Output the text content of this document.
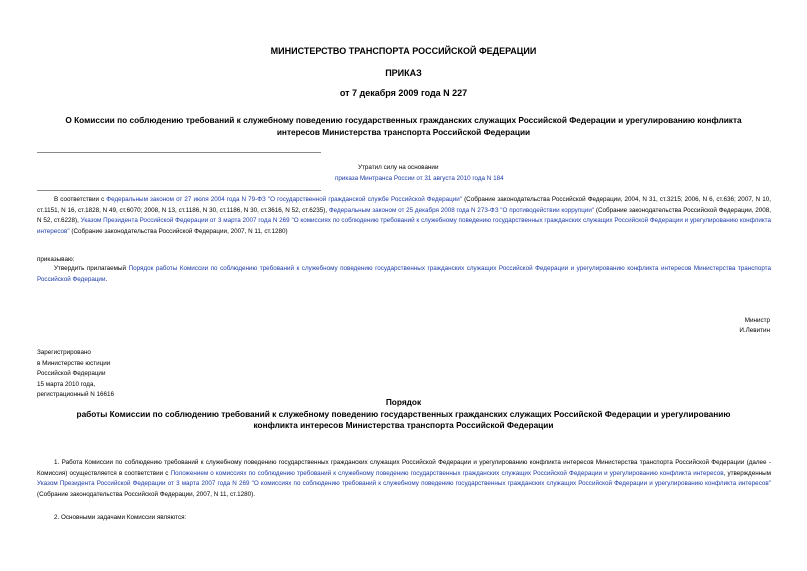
МИНИСТЕРСТВО ТРАНСПОРТА РОССИЙСКОЙ ФЕДЕРАЦИИ
ПРИКАЗ
от 7 декабря 2009 года N 227
О Комиссии по соблюдению требований к служебному поведению государственных гражданских служащих Российской Федерации и урегулированию конфликта
интересов Министерства транспорта Российской Федерации
Утратил силу на основании
приказа Минтранса России от 31 августа 2010 года N 184
В соответствии с Федеральным законом от 27 июля 2004 года N 79-ФЗ "О государственной гражданской службе Российской Федерации" (Собрание законодательства Российской Федерации, 2004, N 31, ст.3215; 2006, N 6, ст.636; 2007, N 10, ст.1151, N 16, ст.1828, N 49, ст.6070; 2008, N 13, ст.1186, N 30, ст.1186, N 30, ст.3616, N 52, ст.6235), Федеральным законом от 25 декабря 2008 года N 273-ФЗ "О противодействии коррупции" (Собрание законодательства Российской Федерации, 2008, N 52, ст.6228), Указом Президента Российской Федерации от 3 марта 2007 года N 269 "О комиссиях по соблюдению требований к служебному поведению государственных гражданских служащих Российской Федерации и урегулированию конфликта интересов" (Собрание законодательства Российской Федерации, 2007, N 11, ст.1280)
приказываю:
Утвердить прилагаемый Порядок работы Комиссии по соблюдению требований к служебному поведению государственных гражданских служащих Российской Федерации и урегулированию конфликта интересов Министерства транспорта Российской Федерации.
Министр
И.Левитин
Зарегистрировано
в Министерстве юстиции
Российской Федерации
15 марта 2010 года,
регистрационный N 16616
Порядок
работы Комиссии по соблюдению требований к служебному поведению государственных гражданских служащих Российской Федерации и урегулированию
конфликта интересов Министерства транспорта Российской Федерации
1. Работа Комиссии по соблюдению требований к служебному поведению государственных гражданских служащих Российской Федерации и урегулированию конфликта интересов Министерства транспорта Российской Федерации (далее - Комиссия) осуществляется в соответствии с Положением о комиссиях по соблюдению требований к служебному поведению государственных гражданских служащих Российской Федерации и урегулированию конфликта интересов, утвержденным Указом Президента Российской Федерации от 3 марта 2007 года N 269 "О комиссиях по соблюдению требований к служебному поведению государственных гражданских служащих Российской Федерации и урегулированию конфликта интересов" (Собрание законодательства Российской Федерации, 2007, N 11, ст.1280).
2. Основными задачами Комиссии являются:
